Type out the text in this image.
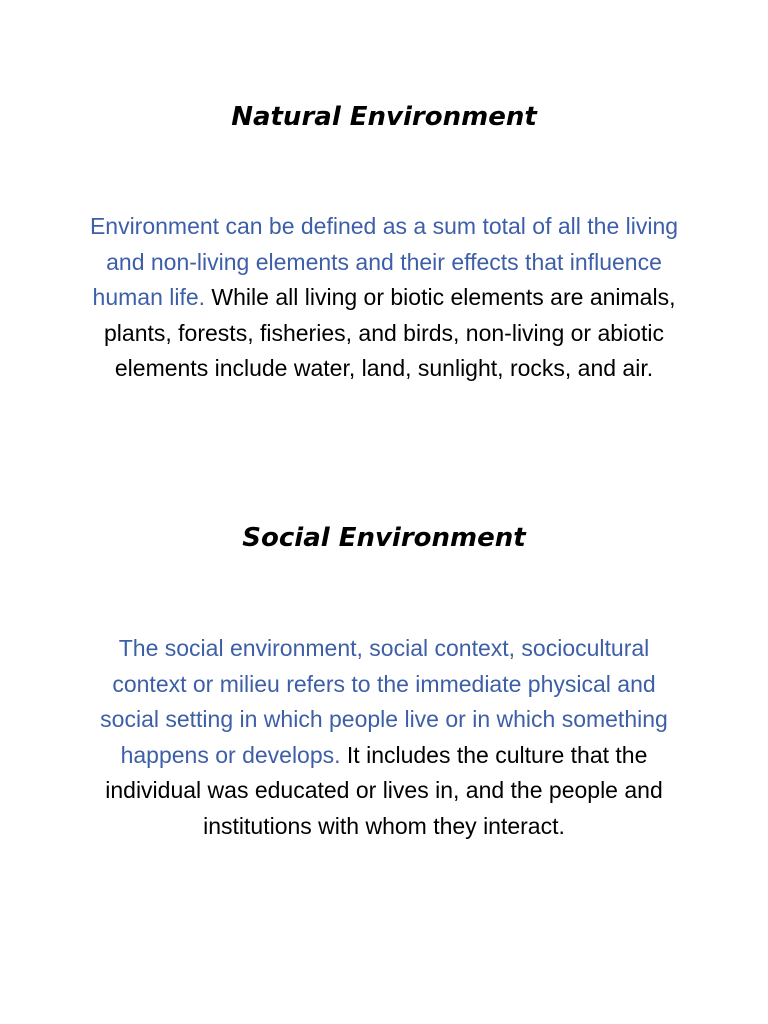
Natural Environment

Environment can be defined as a sum total of all the living and non-living elements and their effects that influence human life. While all living or biotic elements are animals, plants, forests, fisheries, and birds, non-living or abiotic elements include water, land, sunlight, rocks, and air.

Social Environment

The social environment, social context, sociocultural context or milieu refers to the immediate physical and social setting in which people live or in which something happens or develops. It includes the culture that the individual was educated or lives in, and the people and institutions with whom they interact.
